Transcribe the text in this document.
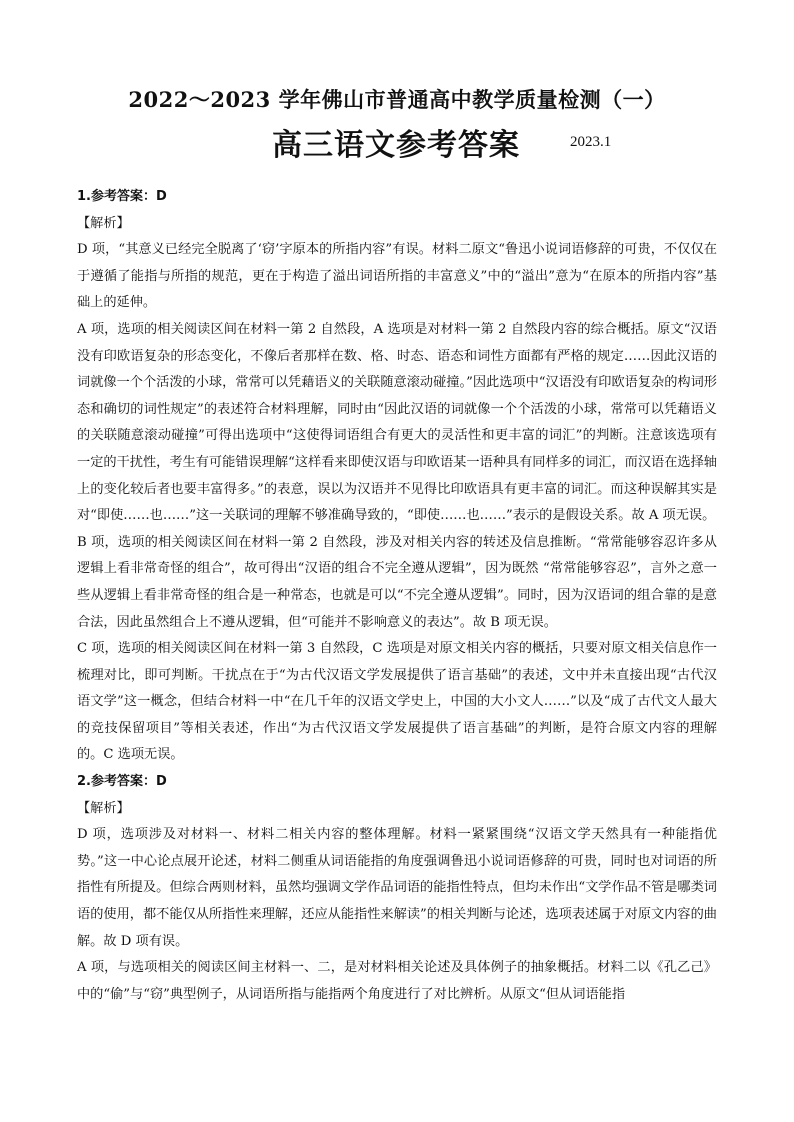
2022～2023 学年佛山市普通高中教学质量检测（一）
高三语文参考答案	2023.1

1.参考答案：D

【解析】

D 项，“其意义已经完全脱离了‘窃’字原本的所指内容”有误。材料二原文“鲁迅小说词语修辞的可贵，不仅仅在于遵循了能指与所指的规范，更在于构造了溢出词语所指的丰富意义”中的“溢出”意为“在原本的所指内容”基础上的延伸。

A 项，选项的相关阅读区间在材料一第 2 自然段，A 选项是对材料一第 2 自然段内容的综合概括。原文“汉语没有印欧语复杂的形态变化，不像后者那样在数、格、时态、语态和词性方面都有严格的规定……因此汉语的词就像一个个活泼的小球，常常可以凭藉语义的关联随意滚动碰撞。”因此选项中“汉语没有印欧语复杂的构词形态和确切的词性规定”的表述符合材料理解，同时由“因此汉语的词就像一个个活泼的小球，常常可以凭藉语义的关联随意滚动碰撞”可得出选项中“这使得词语组合有更大的灵活性和更丰富的词汇”的判断。注意该选项有一定的干扰性，考生有可能错误理解“这样看来即使汉语与印欧语某一语种具有同样多的词汇，而汉语在选择轴上的变化较后者也要丰富得多。”的表意，误以为汉语并不见得比印欧语具有更丰富的词汇。而这种误解其实是对“即使……也……”这一关联词的理解不够准确导致的，“即使……也……”表示的是假设关系。故 A 项无误。

B 项，选项的相关阅读区间在材料一第 2 自然段，涉及对相关内容的转述及信息推断。“常常能够容忍许多从逻辑上看非常奇怪的组合”，故可得出“汉语的组合不完全遵从逻辑”，因为既然 “常常能够容忍”，言外之意一些从逻辑上看非常奇怪的组合是一种常态，也就是可以“不完全遵从逻辑”。同时，因为汉语词的组合靠的是意合法，因此虽然组合上不遵从逻辑，但“可能并不影响意义的表达”。故 B 项无误。

C 项，选项的相关阅读区间在材料一第 3 自然段，C 选项是对原文相关内容的概括，只要对原文相关信息作一梳理对比，即可判断。干扰点在于“为古代汉语文学发展提供了语言基础”的表述，文中并未直接出现“古代汉语文学”这一概念，但结合材料一中“在几千年的汉语文学史上，中国的大小文人……”以及“成了古代文人最大的竞技保留项目”等相关表述，作出“为古代汉语文学发展提供了语言基础”的判断，是符合原文内容的理解的。C 选项无误。

2.参考答案：D

【解析】

D 项，选项涉及对材料一、材料二相关内容的整体理解。材料一紧紧围绕“汉语文学天然具有一种能指优势。”这一中心论点展开论述，材料二侧重从词语能指的角度强调鲁迅小说词语修辞的可贵，同时也对词语的所指性有所提及。但综合两则材料，虽然均强调文学作品词语的能指性特点，但均未作出“文学作品不管是哪类词语的使用，都不能仅从所指性来理解，还应从能指性来解读”的相关判断与论述，选项表述属于对原文内容的曲解。故 D 项有误。

A 项，与选项相关的阅读区间主材料一、二，是对材料相关论述及具体例子的抽象概括。材料二以《孔乙己》中的“偷”与“窃”典型例子，从词语所指与能指两个角度进行了对比辨析。从原文“但从词语能指
